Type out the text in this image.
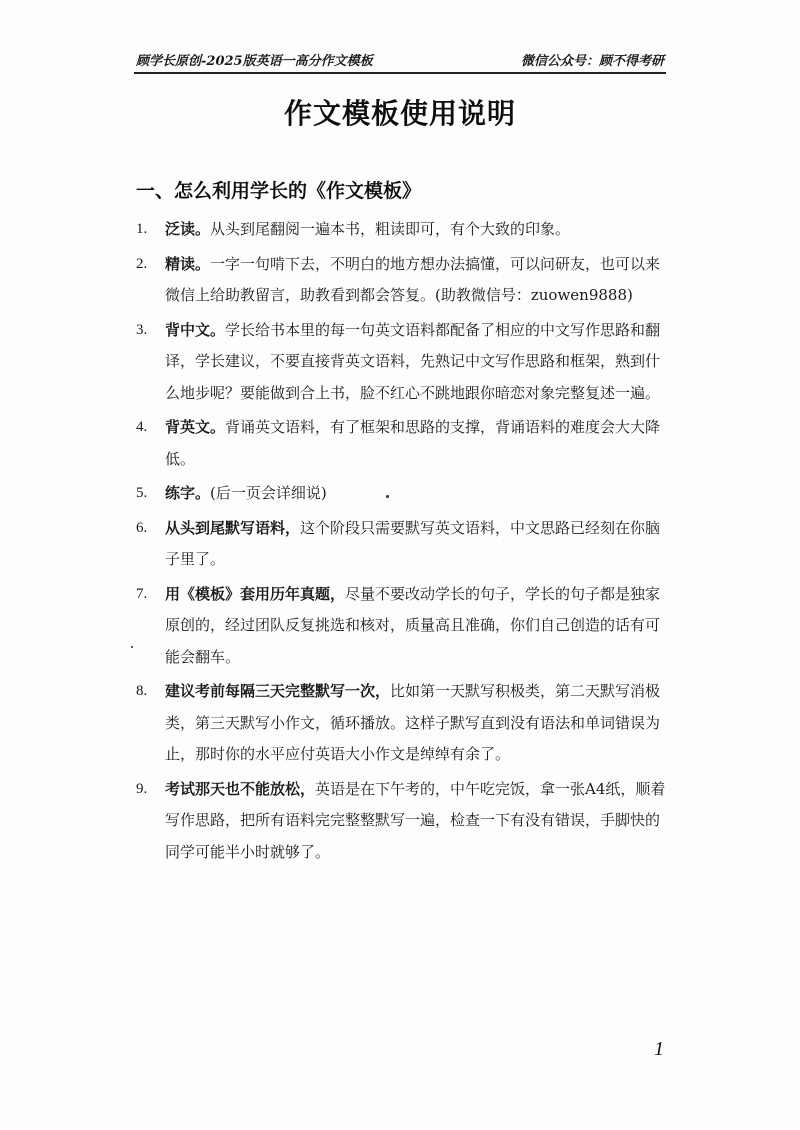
顾学长原创-2025版英语一高分作文模板	微信公众号：顾不得考研
作文模板使用说明
一、怎么利用学长的《作文模板》
1.	泛读。从头到尾翻阅一遍本书，粗读即可，有个大致的印象。
2.	精读。一字一句啃下去，不明白的地方想办法搞懂，可以问研友，也可以来微信上给助教留言，助教看到都会答复。(助教微信号：zuowen9888)
3.	背中文。学长给书本里的每一句英文语料都配备了相应的中文写作思路和翻译，学长建议，不要直接背英文语料，先熟记中文写作思路和框架，熟到什么地步呢？要能做到合上书，脸不红心不跳地跟你暗恋对象完整复述一遍。
4.	背英文。背诵英文语料，有了框架和思路的支撑，背诵语料的难度会大大降低。
5.	练字。(后一页会详细说)
6.	从头到尾默写语料，这个阶段只需要默写英文语料，中文思路已经刻在你脑子里了。
7.	用《模板》套用历年真题，尽量不要改动学长的句子，学长的句子都是独家原创的，经过团队反复挑选和核对，质量高且准确，你们自己创造的话有可能会翻车。
8.	建议考前每隔三天完整默写一次，比如第一天默写积极类，第二天默写消极类，第三天默写小作文，循环播放。这样子默写直到没有语法和单词错误为止，那时你的水平应付英语大小作文是绰绰有余了。
9.	考试那天也不能放松，英语是在下午考的，中午吃完饭，拿一张A4纸，顺着写作思路，把所有语料完完整整默写一遍，检查一下有没有错误，手脚快的同学可能半小时就够了。
1
